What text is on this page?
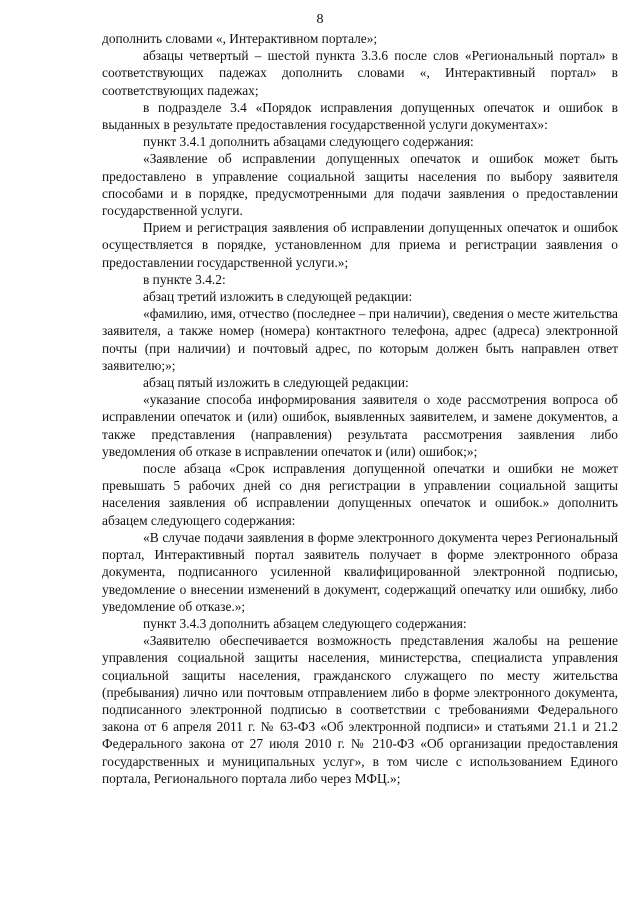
8

дополнить словами «, Интерактивном портале»;

абзацы четвертый – шестой пункта 3.3.6 после слов «Региональный портал» в соответствующих падежах дополнить словами «, Интерактивный портал» в соответствующих падежах;

в подразделе 3.4 «Порядок исправления допущенных опечаток и ошибок в выданных в результате предоставления государственной услуги документах»:

пункт 3.4.1 дополнить абзацами следующего содержания:

«Заявление об исправлении допущенных опечаток и ошибок может быть предоставлено в управление социальной защиты населения по выбору заявителя способами и в порядке, предусмотренными для подачи заявления о предоставлении государственной услуги.

Прием и регистрация заявления об исправлении допущенных опечаток и ошибок осуществляется в порядке, установленном для приема и регистрации заявления о предоставлении государственной услуги.»;

в пункте 3.4.2:

абзац третий изложить в следующей редакции:

«фамилию, имя, отчество (последнее – при наличии), сведения о месте жительства заявителя, а также номер (номера) контактного телефона, адрес (адреса) электронной почты (при наличии) и почтовый адрес, по которым должен быть направлен ответ заявителю;»;

абзац пятый изложить в следующей редакции:

«указание способа информирования заявителя о ходе рассмотрения вопроса об исправлении опечаток и (или) ошибок, выявленных заявителем, и замене документов, а также представления (направления) результата рассмотрения заявления либо уведомления об отказе в исправлении опечаток и (или) ошибок;»;

после абзаца «Срок исправления допущенной опечатки и ошибки не может превышать 5 рабочих дней со дня регистрации в управлении социальной защиты населения заявления об исправлении допущенных опечаток и ошибок.» дополнить абзацем следующего содержания:

«В случае подачи заявления в форме электронного документа через Региональный портал, Интерактивный портал заявитель получает в форме электронного образа документа, подписанного усиленной квалифицированной электронной подписью, уведомление о внесении изменений в документ, содержащий опечатку или ошибку, либо уведомление об отказе.»;

пункт 3.4.3 дополнить абзацем следующего содержания:

«Заявителю обеспечивается возможность представления жалобы на решение управления социальной защиты населения, министерства, специалиста управления социальной защиты населения, гражданского служащего по месту жительства (пребывания) лично или почтовым отправлением либо в форме электронного документа, подписанного электронной подписью в соответствии с требованиями Федерального закона от 6 апреля 2011 г. № 63-ФЗ «Об электронной подписи» и статьями 21.1 и 21.2 Федерального закона от 27 июля 2010 г. № 210-ФЗ «Об организации предоставления государственных и муниципальных услуг», в том числе с использованием Единого портала, Регионального портала либо через МФЦ.»;
